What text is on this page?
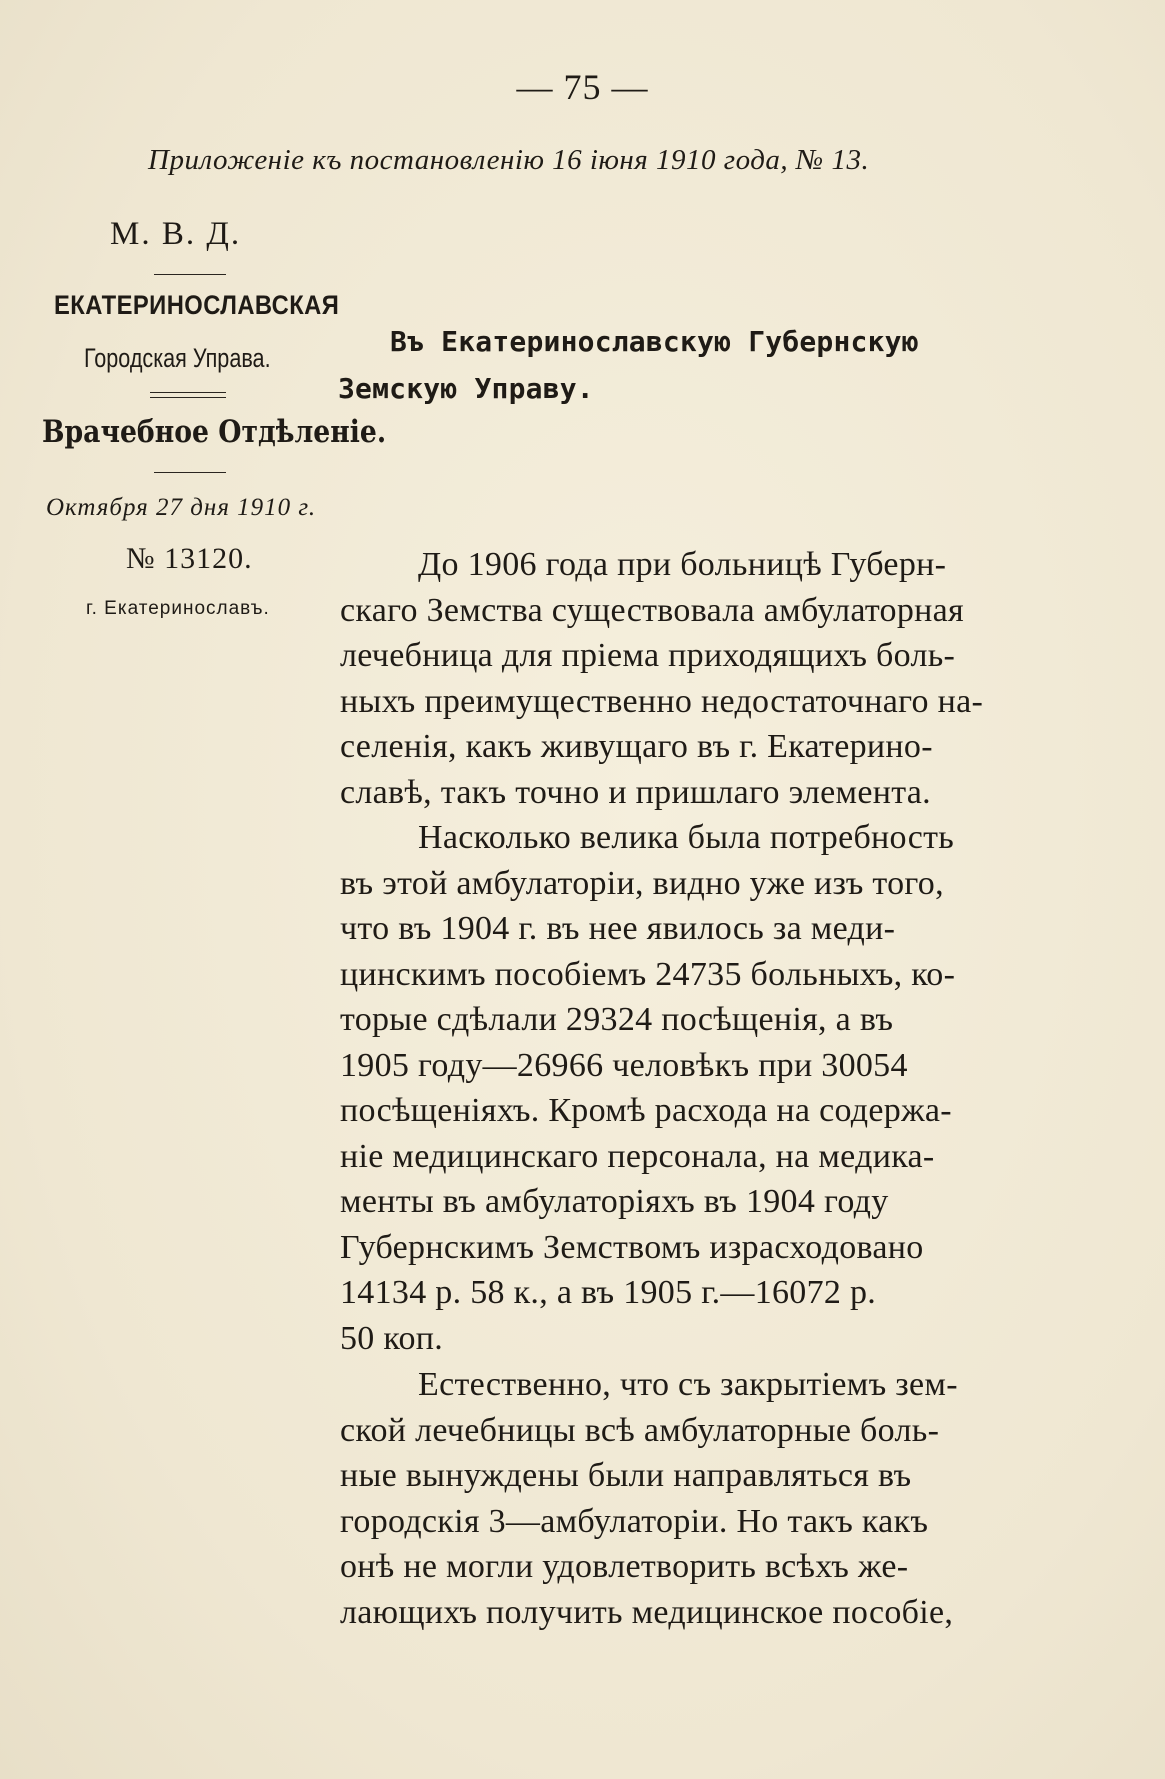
— 75 —
Приложеніе къ постановленію 16 іюня 1910 года, № 13.
М. В. Д.
ЕКАТЕРИНОСЛАВСКАЯ
Городская Управа.
Врачебное Отдѣленіе.
Октября 27 дня 1910 г.
№ 13120.
г. Екатеринославъ.
Въ Екатеринославскую Губернскую
Земскую Управу.
До 1906 года при больницѣ Губерн-
скаго Земства существовала амбулаторная
лечебница для пріема приходящихъ боль-
ныхъ преимущественно недостаточнаго на-
селенія, какъ живущаго въ г. Екатерино-
славѣ, такъ точно и пришлаго элемента.
Насколько велика была потребность
въ этой амбулаторіи, видно уже изъ того,
что въ 1904 г. въ нее явилось за меди-
цинскимъ пособіемъ 24735 больныхъ, ко-
торые сдѣлали 29324 посѣщенія, а въ
1905 году—26966 человѣкъ при 30054
посѣщеніяхъ. Кромѣ расхода на содержа-
ніе медицинскаго персонала, на медика-
менты въ амбулаторіяхъ въ 1904 году
Губернскимъ Земствомъ израсходовано
14134 р. 58 к., а въ 1905 г.—16072 р.
50 коп.
Естественно, что съ закрытіемъ зем-
ской лечебницы всѣ амбулаторные боль-
ные вынуждены были направляться въ
городскія 3—амбулаторіи. Но такъ какъ
онѣ не могли удовлетворить всѣхъ же-
лающихъ получить медицинское пособіе,
